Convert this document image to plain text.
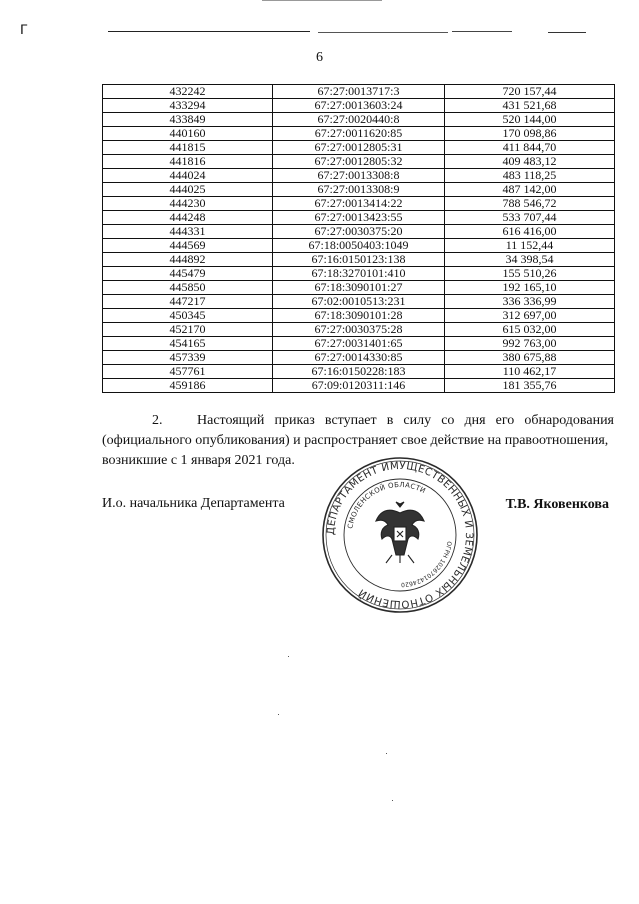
ᒥ
6
432242	67:27:0013717:3	720 157,44
433294	67:27:0013603:24	431 521,68
433849	67:27:0020440:8	520 144,00
440160	67:27:0011620:85	170 098,86
441815	67:27:0012805:31	411 844,70
441816	67:27:0012805:32	409 483,12
444024	67:27:0013308:8	483 118,25
444025	67:27:0013308:9	487 142,00
444230	67:27:0013414:22	788 546,72
444248	67:27:0013423:55	533 707,44
444331	67:27:0030375:20	616 416,00
444569	67:18:0050403:1049	11 152,44
444892	67:16:0150123:138	34 398,54
445479	67:18:3270101:410	155 510,26
445850	67:18:3090101:27	192 165,10
447217	67:02:0010513:231	336 336,99
450345	67:18:3090101:28	312 697,00
452170	67:27:0030375:28	615 032,00
454165	67:27:0031401:65	992 763,00
457339	67:27:0014330:85	380 675,88
457761	67:16:0150228:183	110 462,17
459186	67:09:0120311:146	181 355,76
2. Настоящий приказ вступает в силу со дня его обнародования (официального опубликования) и распространяет свое действие на правоотношения,
возникшие с 1 января 2021 года.
И.о. начальника Департамента	Т.В. Яковенкова
ДЕПАРТАМЕНТ ИМУЩЕСТВЕННЫХ И ЗЕМЕЛЬНЫХ ОТНОШЕНИЙ
СМОЛЕНСКОЙ ОБЛАСТИ
ОГРН 1026701424620
